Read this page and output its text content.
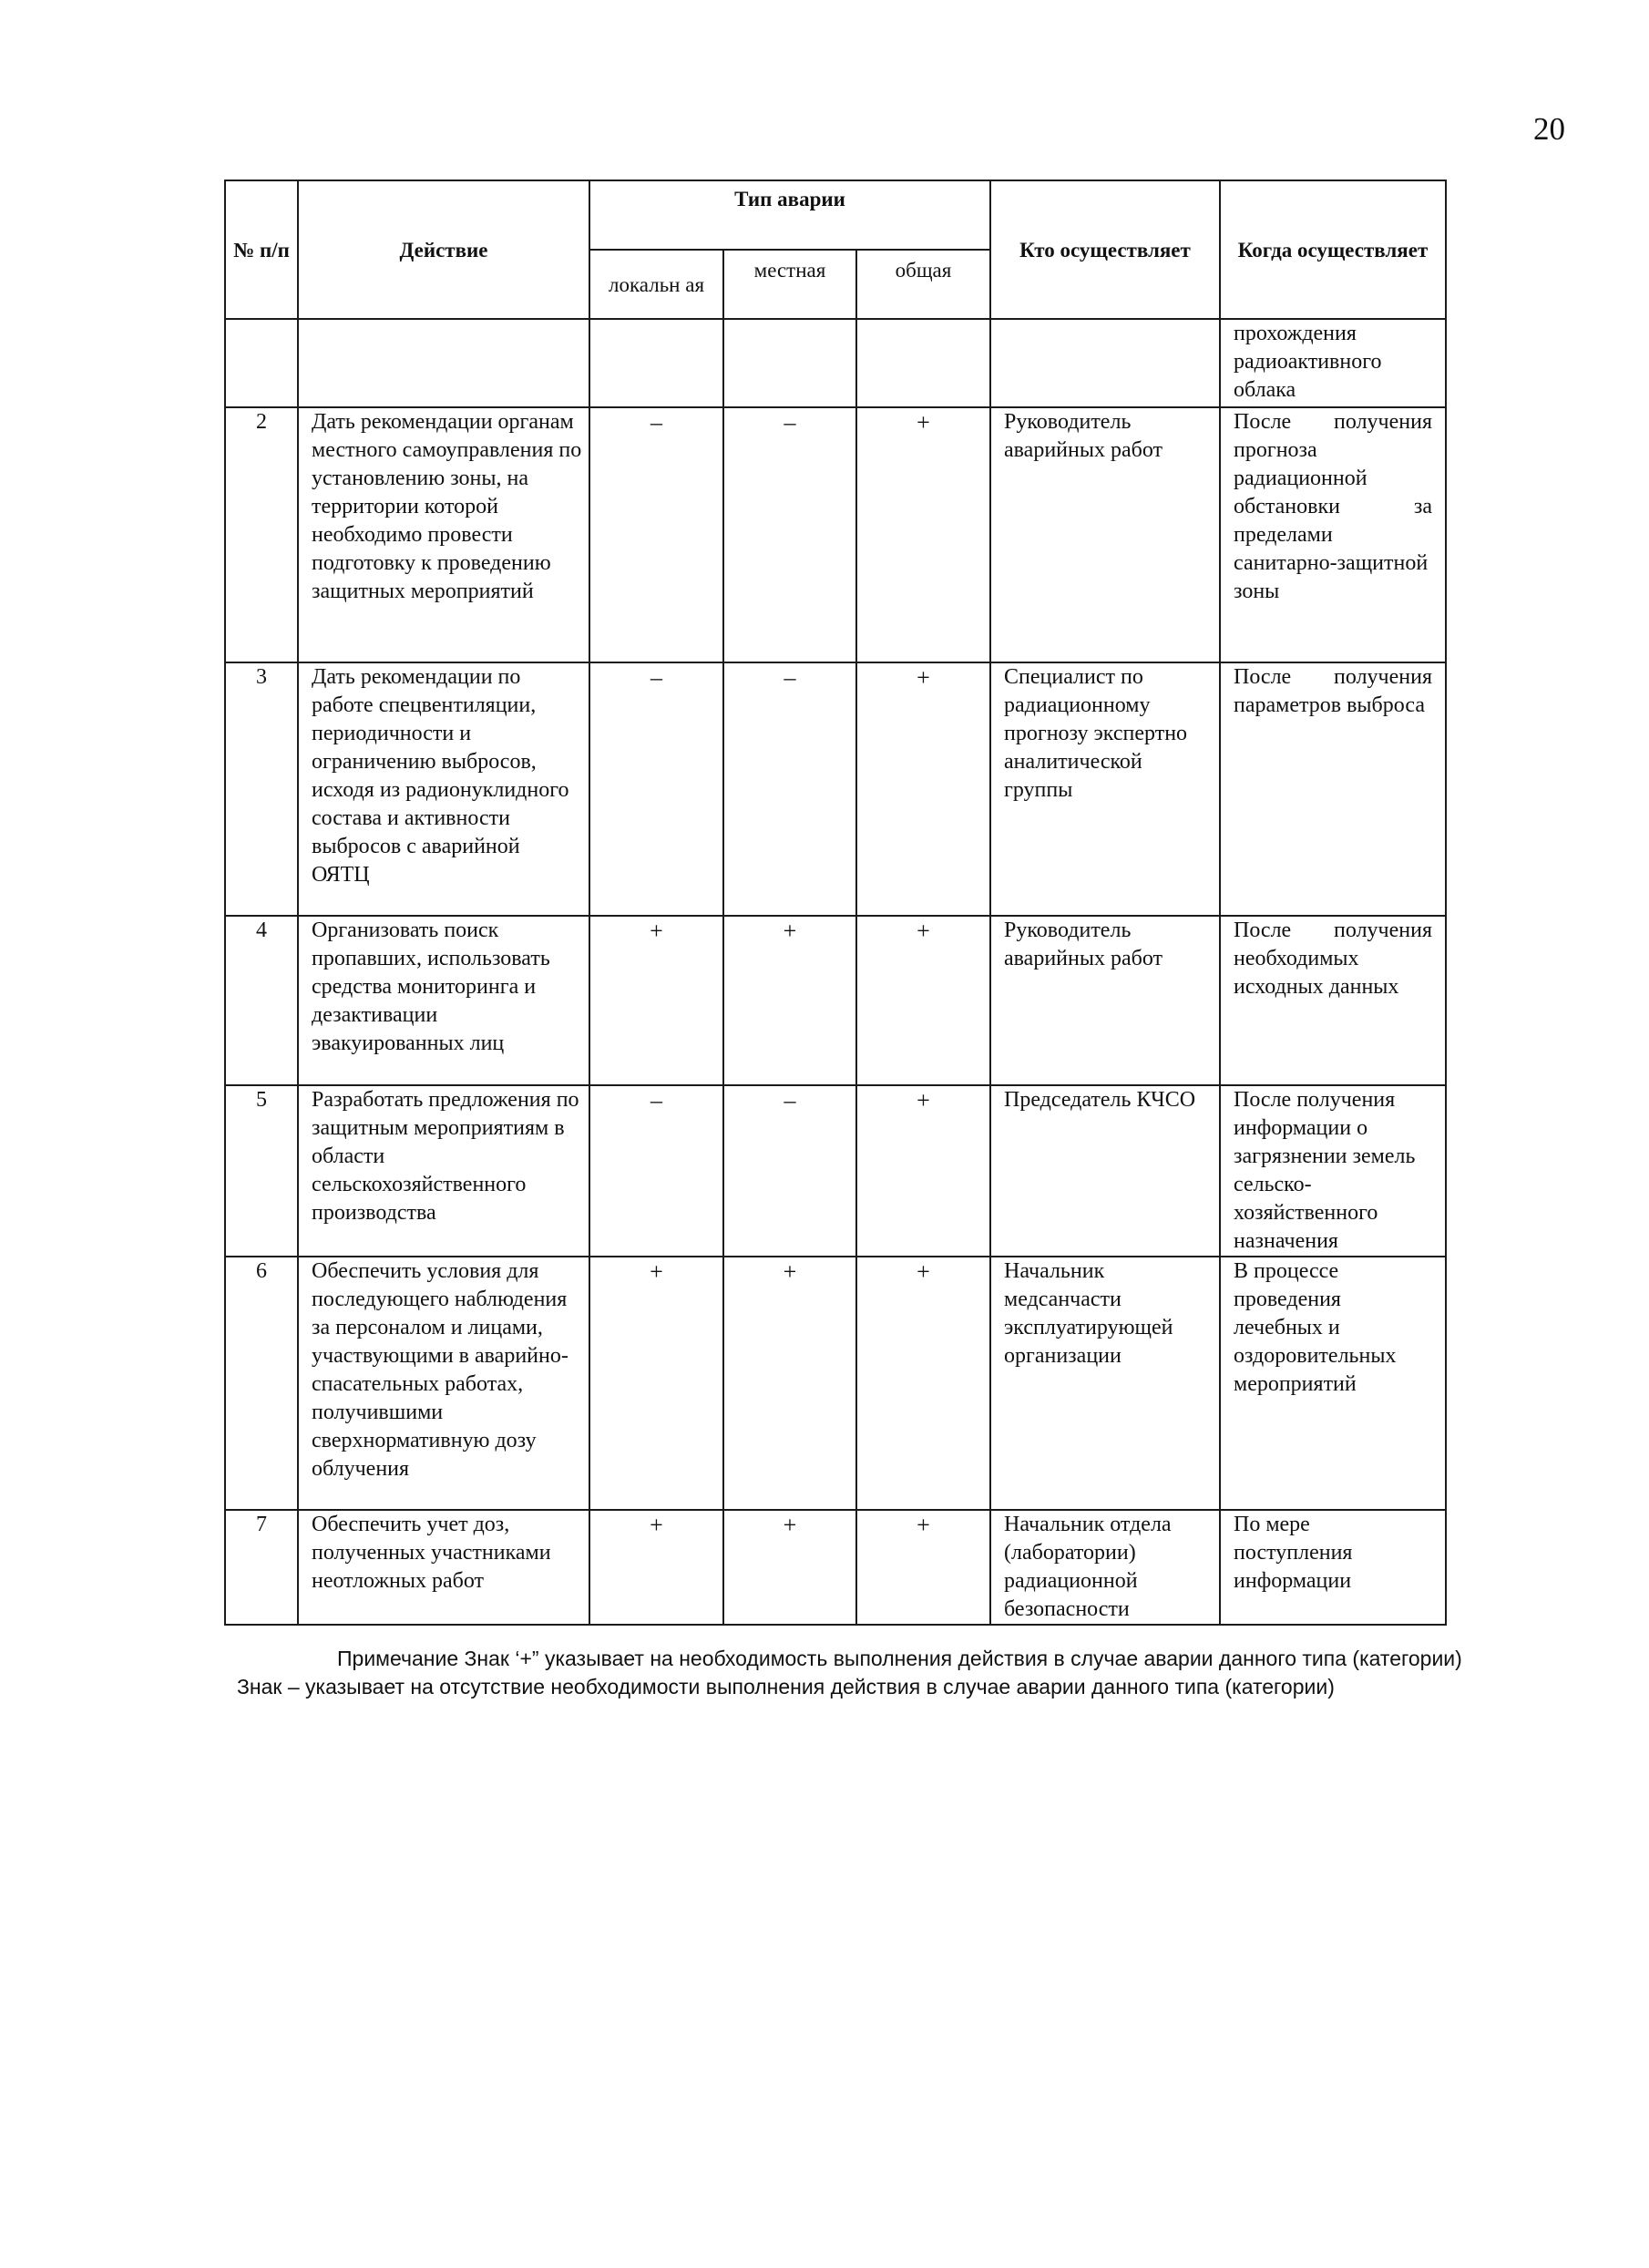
20
№ п/п	Действие	Тип аварии			Кто осуществляет	Когда осуществляет
		локальн ая	местная	общая		
						прохождения радиоактивного облака
2	Дать рекомендации органам местного самоуправления по установлению зоны, на территории которой необходимо провести подготовку к проведению защитных мероприятий	–	–	+	Руководитель аварийных работ	После получения прогноза радиационной обстановки за пределами санитарно-защитной зоны
3	Дать рекомендации по работе спецвентиляции, периодичности и ограничению выбросов, исходя из радионуклидного состава и активности выбросов с аварийной ОЯТЦ	–	–	+	Специалист по радиационному прогнозу экспертно аналитической группы	После получения параметров выброса
4	Организовать поиск пропавших, использовать средства мониторинга и дезактивации эвакуированных лиц	+	+	+	Руководитель аварийных работ	После получения необходимых исходных данных
5	Разработать предложения по защитным мероприятиям в области сельскохозяйственного производства	–	–	+	Председатель КЧСО	После получения информации о загрязнении земель сельско-хозяйственного назначения
6	Обеспечить условия для последующего наблюдения за персоналом и лицами, участвующими в аварийно-спасательных работах, получившими сверхнормативную дозу облучения	+	+	+	Начальник медсанчасти эксплуатирующей организации	В процессе проведения лечебных и оздоровительных мероприятий
7	Обеспечить учет доз, полученных участниками неотложных работ	+	+	+	Начальник отдела (лаборатории) радиационной безопасности	По мере поступления информации
Примечание Знак ‘+” указывает на необходимость выполнения действия в случае аварии данного типа (категории)
Знак – указывает на отсутствие необходимости выполнения действия в случае аварии данного типа (категории)
